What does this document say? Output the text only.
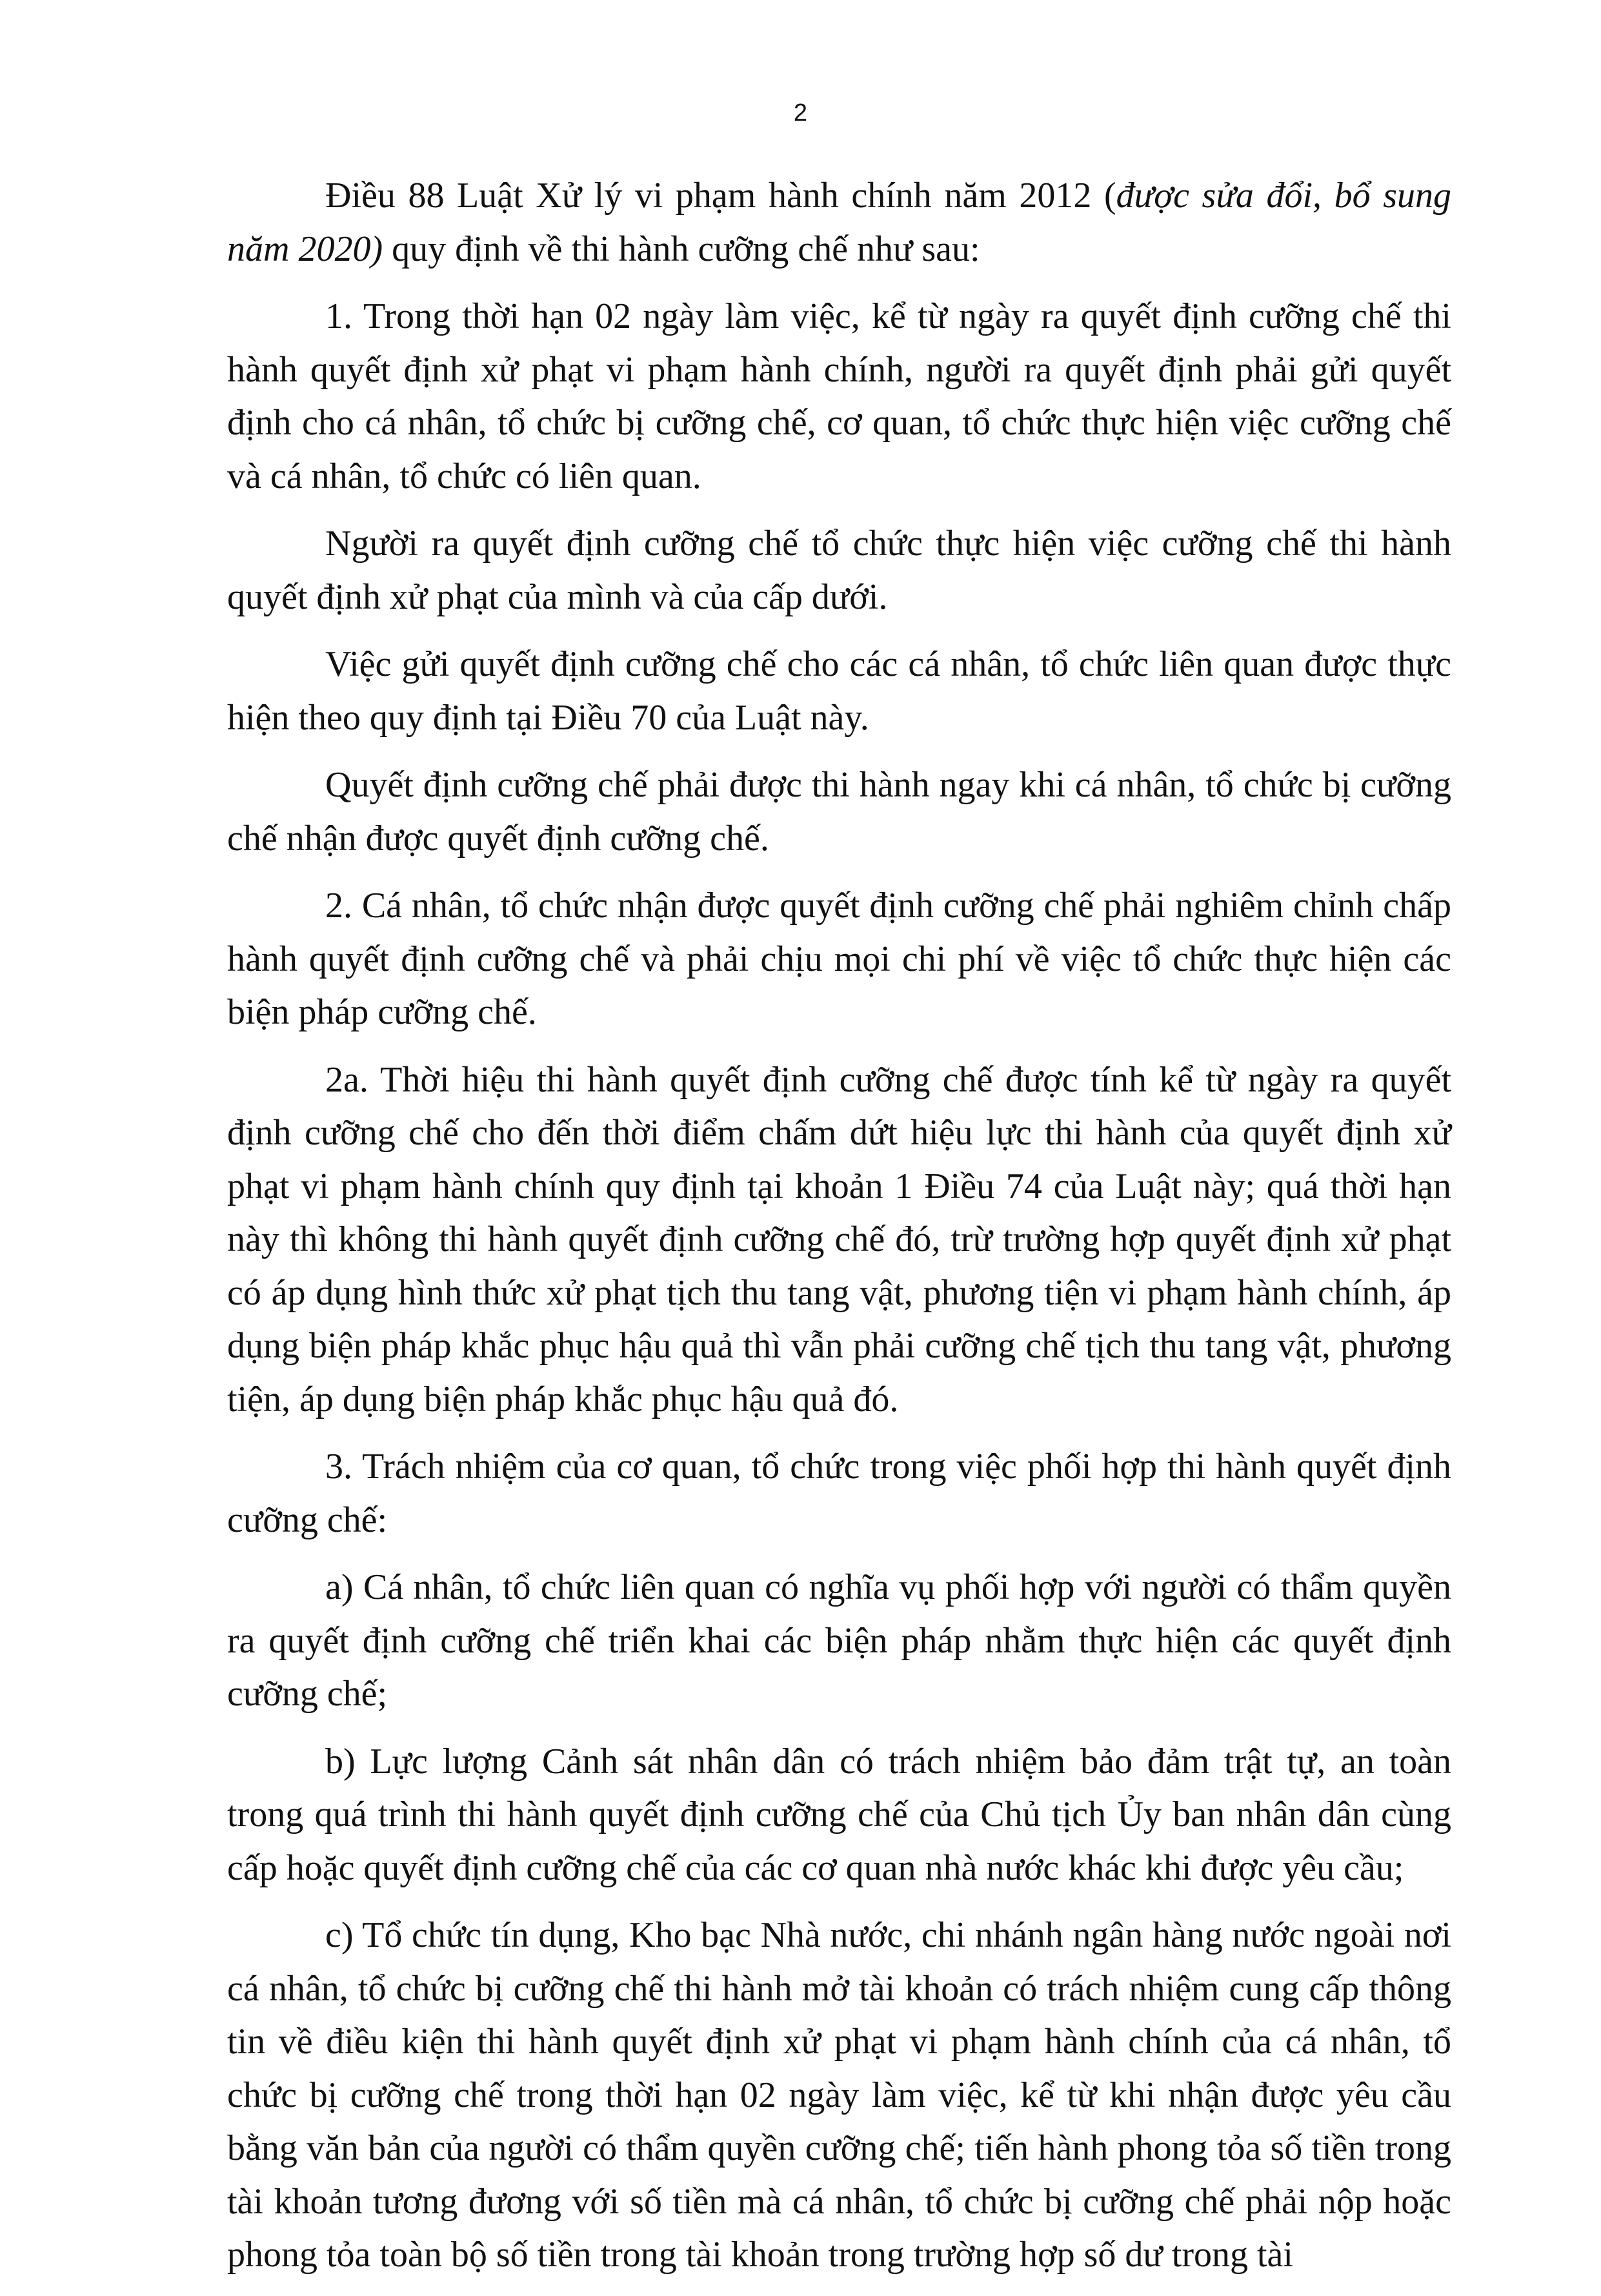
2

Điều 88 Luật Xử lý vi phạm hành chính năm 2012 (được sửa đổi, bổ sung năm 2020) quy định về thi hành cưỡng chế như sau:

1. Trong thời hạn 02 ngày làm việc, kể từ ngày ra quyết định cưỡng chế thi hành quyết định xử phạt vi phạm hành chính, người ra quyết định phải gửi quyết định cho cá nhân, tổ chức bị cưỡng chế, cơ quan, tổ chức thực hiện việc cưỡng chế và cá nhân, tổ chức có liên quan.

Người ra quyết định cưỡng chế tổ chức thực hiện việc cưỡng chế thi hành quyết định xử phạt của mình và của cấp dưới.

Việc gửi quyết định cưỡng chế cho các cá nhân, tổ chức liên quan được thực hiện theo quy định tại Điều 70 của Luật này.

Quyết định cưỡng chế phải được thi hành ngay khi cá nhân, tổ chức bị cưỡng chế nhận được quyết định cưỡng chế.

2. Cá nhân, tổ chức nhận được quyết định cưỡng chế phải nghiêm chỉnh chấp hành quyết định cưỡng chế và phải chịu mọi chi phí về việc tổ chức thực hiện các biện pháp cưỡng chế.

2a. Thời hiệu thi hành quyết định cưỡng chế được tính kể từ ngày ra quyết định cưỡng chế cho đến thời điểm chấm dứt hiệu lực thi hành của quyết định xử phạt vi phạm hành chính quy định tại khoản 1 Điều 74 của Luật này; quá thời hạn này thì không thi hành quyết định cưỡng chế đó, trừ trường hợp quyết định xử phạt có áp dụng hình thức xử phạt tịch thu tang vật, phương tiện vi phạm hành chính, áp dụng biện pháp khắc phục hậu quả thì vẫn phải cưỡng chế tịch thu tang vật, phương tiện, áp dụng biện pháp khắc phục hậu quả đó.

3. Trách nhiệm của cơ quan, tổ chức trong việc phối hợp thi hành quyết định cưỡng chế:

a) Cá nhân, tổ chức liên quan có nghĩa vụ phối hợp với người có thẩm quyền ra quyết định cưỡng chế triển khai các biện pháp nhằm thực hiện các quyết định cưỡng chế;

b) Lực lượng Cảnh sát nhân dân có trách nhiệm bảo đảm trật tự, an toàn trong quá trình thi hành quyết định cưỡng chế của Chủ tịch Ủy ban nhân dân cùng cấp hoặc quyết định cưỡng chế của các cơ quan nhà nước khác khi được yêu cầu;

c) Tổ chức tín dụng, Kho bạc Nhà nước, chi nhánh ngân hàng nước ngoài nơi cá nhân, tổ chức bị cưỡng chế thi hành mở tài khoản có trách nhiệm cung cấp thông tin về điều kiện thi hành quyết định xử phạt vi phạm hành chính của cá nhân, tổ chức bị cưỡng chế trong thời hạn 02 ngày làm việc, kể từ khi nhận được yêu cầu bằng văn bản của người có thẩm quyền cưỡng chế; tiến hành phong tỏa số tiền trong tài khoản tương đương với số tiền mà cá nhân, tổ chức bị cưỡng chế phải nộp hoặc phong tỏa toàn bộ số tiền trong tài khoản trong trường hợp số dư trong tài
